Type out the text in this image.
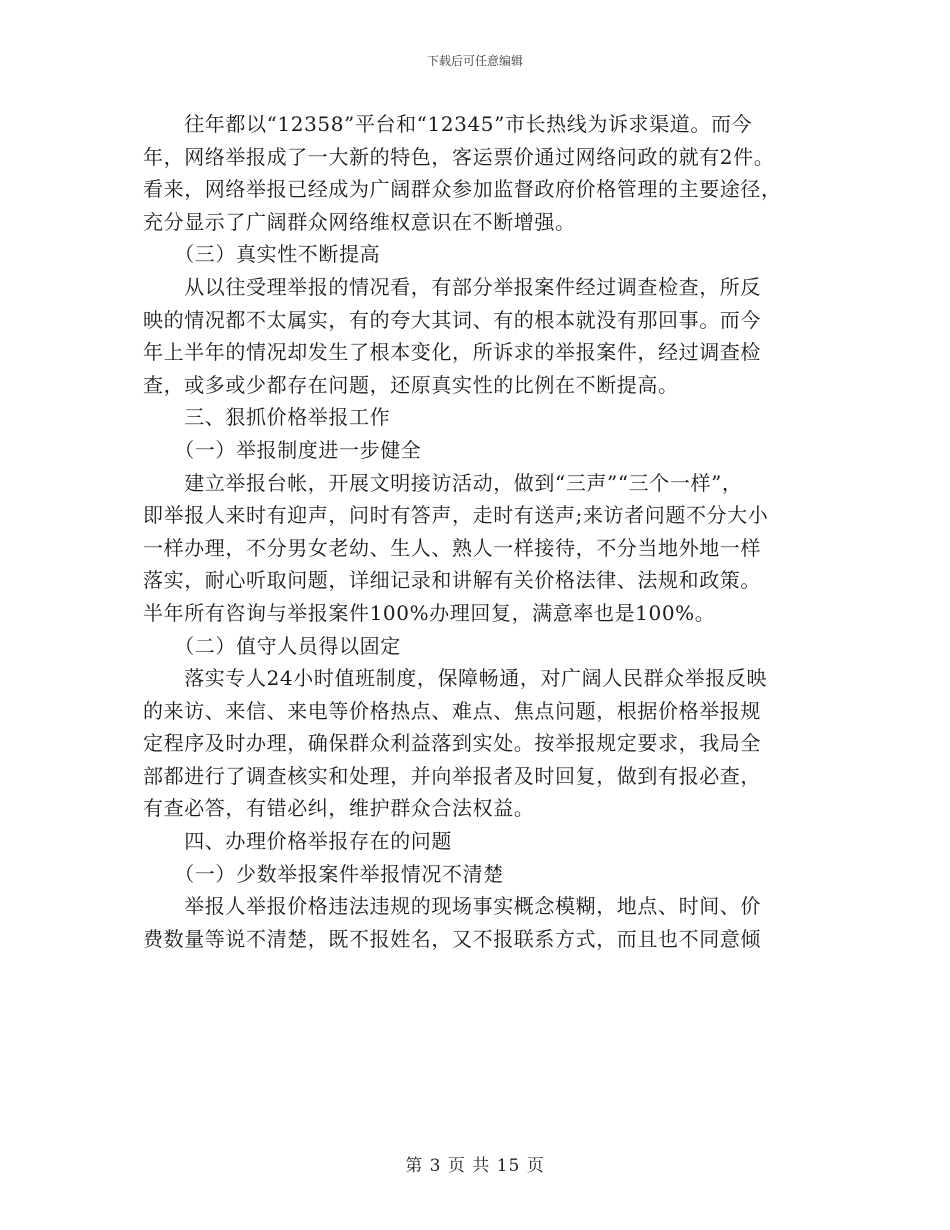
下载后可任意编辑
　　往年都以“12358”平台和“12345”市长热线为诉求渠道。而今
年，网络举报成了一大新的特色，客运票价通过网络问政的就有2件。
看来，网络举报已经成为广阔群众参加监督政府价格管理的主要途径，
充分显示了广阔群众网络维权意识在不断增强。
　　（三）真实性不断提高
　　从以往受理举报的情况看，有部分举报案件经过调查检查，所反
映的情况都不太属实，有的夸大其词、有的根本就没有那回事。而今
年上半年的情况却发生了根本变化，所诉求的举报案件，经过调查检
查，或多或少都存在问题，还原真实性的比例在不断提高。
　　三、狠抓价格举报工作
　　（一）举报制度进一步健全
　　建立举报台帐，开展文明接访活动，做到“三声”“三个一样”，
即举报人来时有迎声，问时有答声，走时有送声;来访者问题不分大小
一样办理，不分男女老幼、生人、熟人一样接待，不分当地外地一样
落实，耐心听取问题，详细记录和讲解有关价格法律、法规和政策。
半年所有咨询与举报案件100%办理回复，满意率也是100%。
　　（二）值守人员得以固定
　　落实专人24小时值班制度，保障畅通，对广阔人民群众举报反映
的来访、来信、来电等价格热点、难点、焦点问题，根据价格举报规
定程序及时办理，确保群众利益落到实处。按举报规定要求，我局全
部都进行了调查核实和处理，并向举报者及时回复，做到有报必查，
有查必答，有错必纠，维护群众合法权益。
　　四、办理价格举报存在的问题
　　（一）少数举报案件举报情况不清楚
　　举报人举报价格违法违规的现场事实概念模糊，地点、时间、价
费数量等说不清楚，既不报姓名，又不报联系方式，而且也不同意倾
第 3 页 共 15 页
